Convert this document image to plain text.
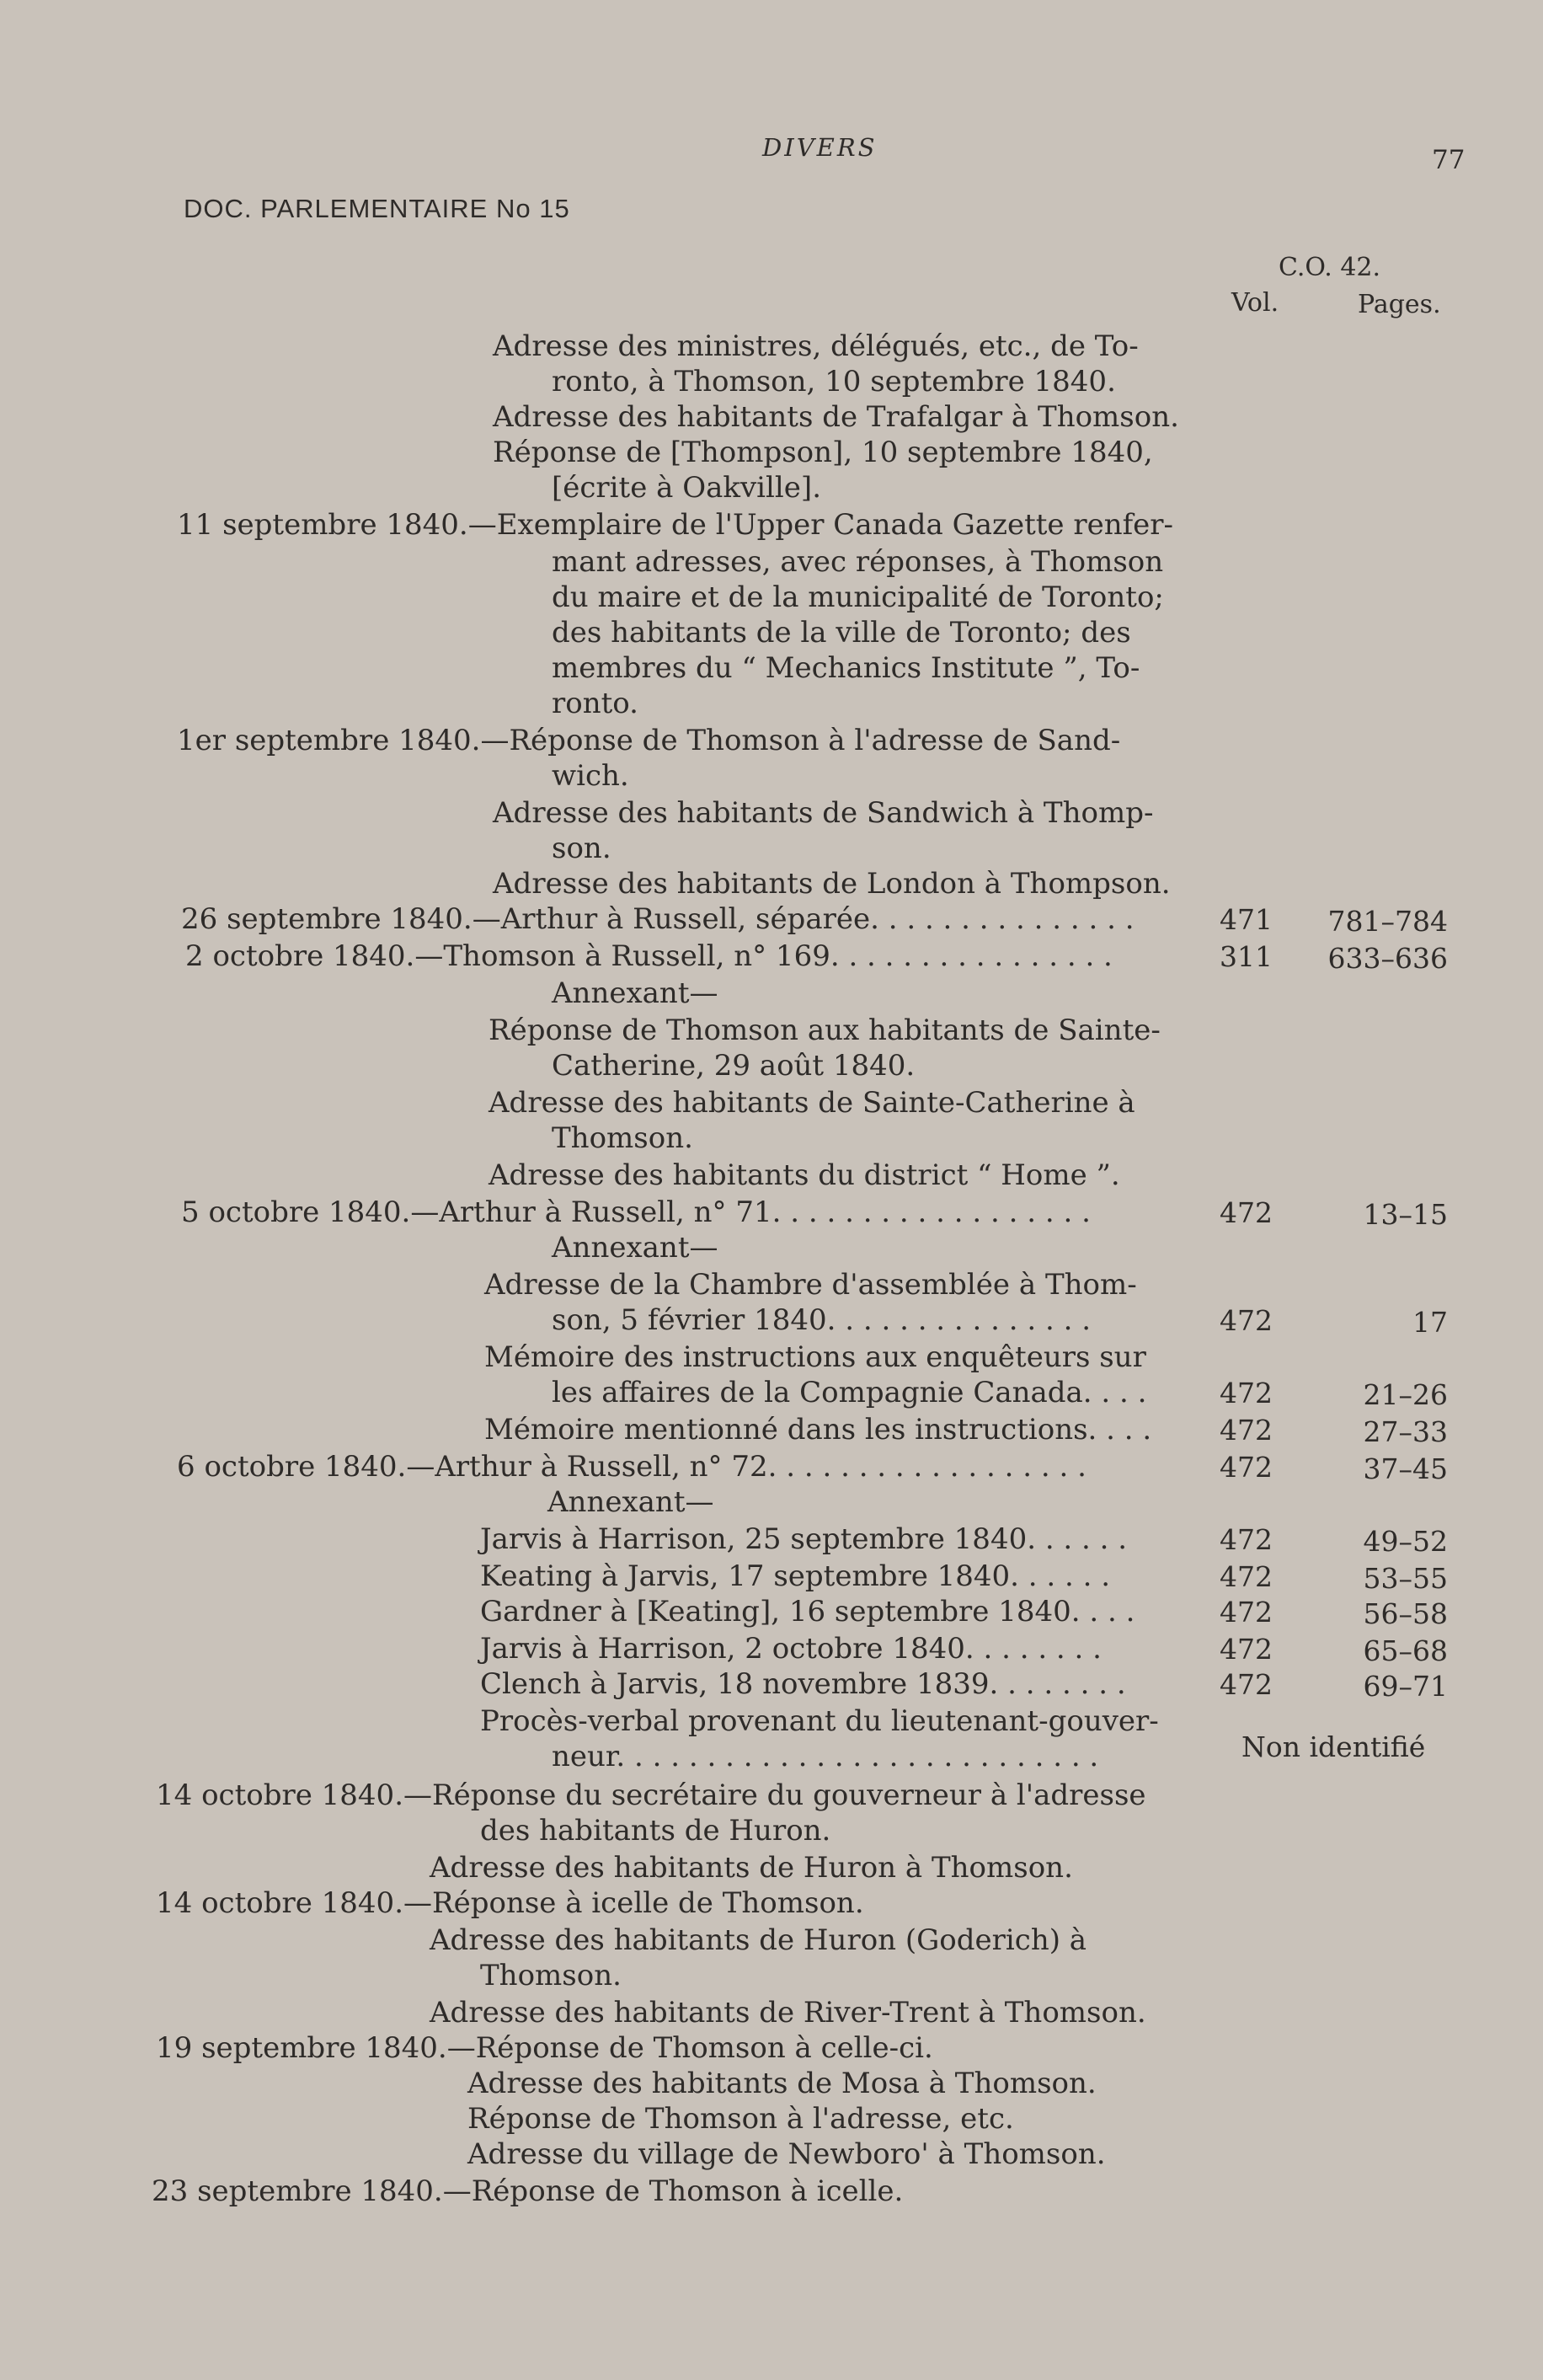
DIVERS	77
DOC. PARLEMENTAIRE No 15
C.O. 42.
Vol.	Pages.
Adresse des ministres, délégués, etc., de To-
ronto, à Thomson, 10 septembre 1840.
Adresse des habitants de Trafalgar à Thomson.
Réponse de [Thompson], 10 septembre 1840,
[écrite à Oakville].
11 septembre 1840.—Exemplaire de l'Upper Canada Gazette renfer-
mant adresses, avec réponses, à Thomson
du maire et de la municipalité de Toronto;
des habitants de la ville de Toronto; des
membres du “ Mechanics Institute ”, To-
ronto.
1er septembre 1840.—Réponse de Thomson à l'adresse de Sand-
wich.
Adresse des habitants de Sandwich à Thomp-
son.
Adresse des habitants de London à Thompson.
26 septembre 1840.—Arthur à Russell, séparée. . . . . . . . . . . . . . .	471 781–784
2 octobre 1840.—Thomson à Russell, n° 169. . . . . . . . . . . . . . . .	311 633–636
Annexant—
Réponse de Thomson aux habitants de Sainte-
Catherine, 29 août 1840.
Adresse des habitants de Sainte-Catherine à
Thomson.
Adresse des habitants du district “ Home ”.
5 octobre 1840.—Arthur à Russell, n° 71. . . . . . . . . . . . . . . . . .	472	13–15
Annexant—
Adresse de la Chambre d'assemblée à Thom-
son, 5 février 1840. . . . . . . . . . . . . . .	472	17
Mémoire des instructions aux enquêteurs sur
les affaires de la Compagnie Canada. . . .	472	21–26
Mémoire mentionné dans les instructions. . . . 472	27–33
6 octobre 1840.—Arthur à Russell, n° 72. . . . . . . . . . . . . . . . . .	472	37–45
Annexant—
Jarvis à Harrison, 25 septembre 1840. . . . . .	472	49–52
Keating à Jarvis, 17 septembre 1840. . . . . .	472	53–55
Gardner à [Keating], 16 septembre 1840. . . .	472	56–58
Jarvis à Harrison, 2 octobre 1840. . . . . . . .	472	65–68
Clench à Jarvis, 18 novembre 1839. . . . . . . .	472	69–71
Procès-verbal provenant du lieutenant-gouver-
neur. . . . . . . . . . . . . . . . . . . . . . . . . . .	Non identifié
14 octobre 1840.—Réponse du secrétaire du gouverneur à l'adresse
des habitants de Huron.
Adresse des habitants de Huron à Thomson.
14 octobre 1840.—Réponse à icelle de Thomson.
Adresse des habitants de Huron (Goderich) à
Thomson.
Adresse des habitants de River-Trent à Thomson.
19 septembre 1840.—Réponse de Thomson à celle-ci.
Adresse des habitants de Mosa à Thomson.
Réponse de Thomson à l'adresse, etc.
Adresse du village de Newboro' à Thomson.
23 septembre 1840.—Réponse de Thomson à icelle.
